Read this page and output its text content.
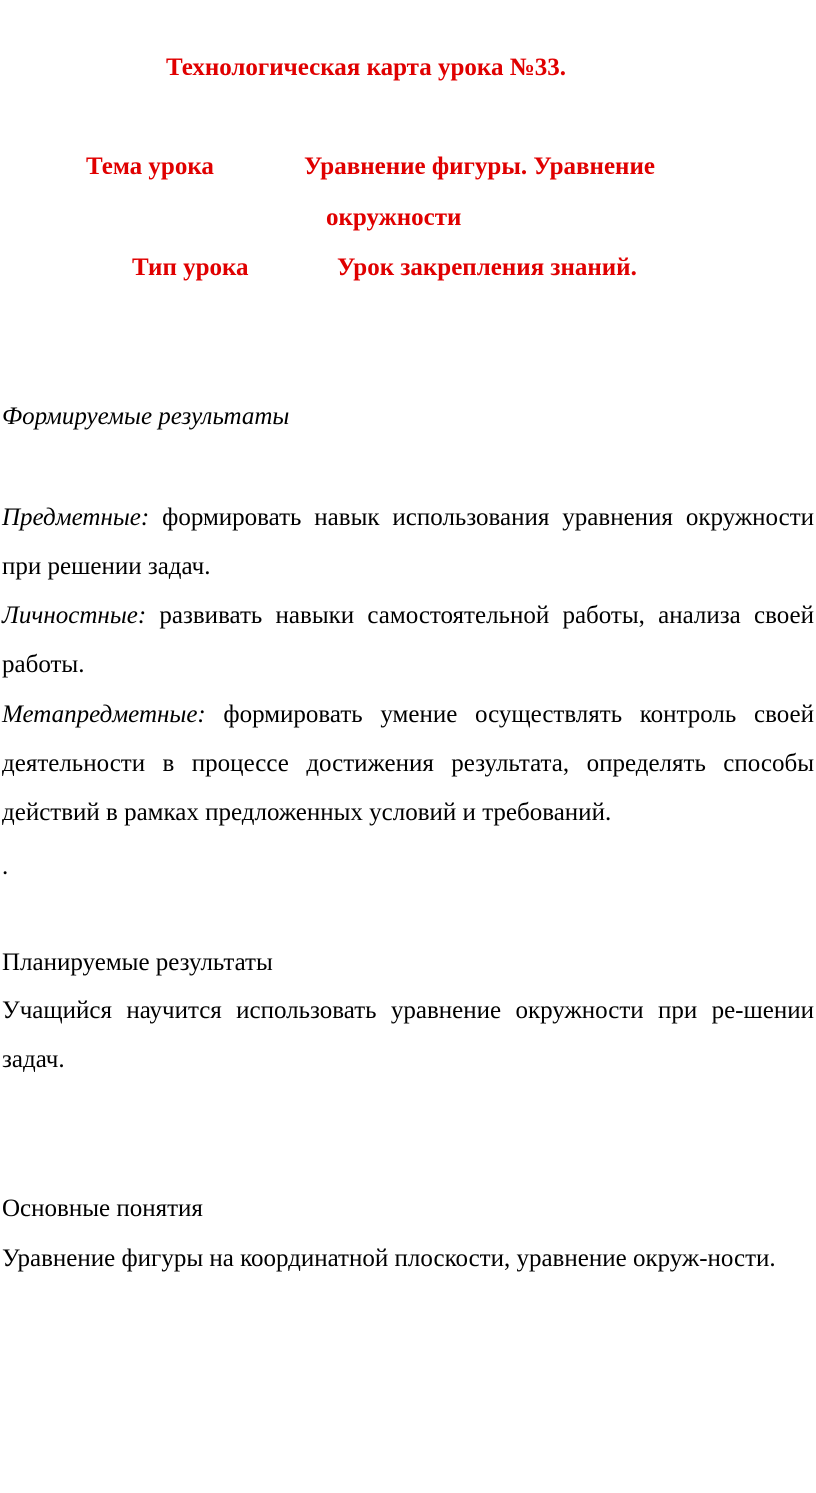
Технологическая карта урока №33.
Тема урока	Уравнение фигуры. Уравнение
окружности
Тип урока	Урок закрепления знаний.
Формируемые результаты
Предметные: формировать навык использования уравнения окружности при решении задач.
Личностные: развивать навыки самостоятельной работы, анализа своей работы.
Метапредметные: формировать умение осуществлять контроль своей деятельности в процессе достижения результата, определять способы действий в рамках предложенных условий и требований.
.
Планируемые результаты
Учащийся научится использовать уравнение окружности при ре-шении задач.
Основные понятия
Уравнение фигуры на координатной плоскости, уравнение окруж-ности.
